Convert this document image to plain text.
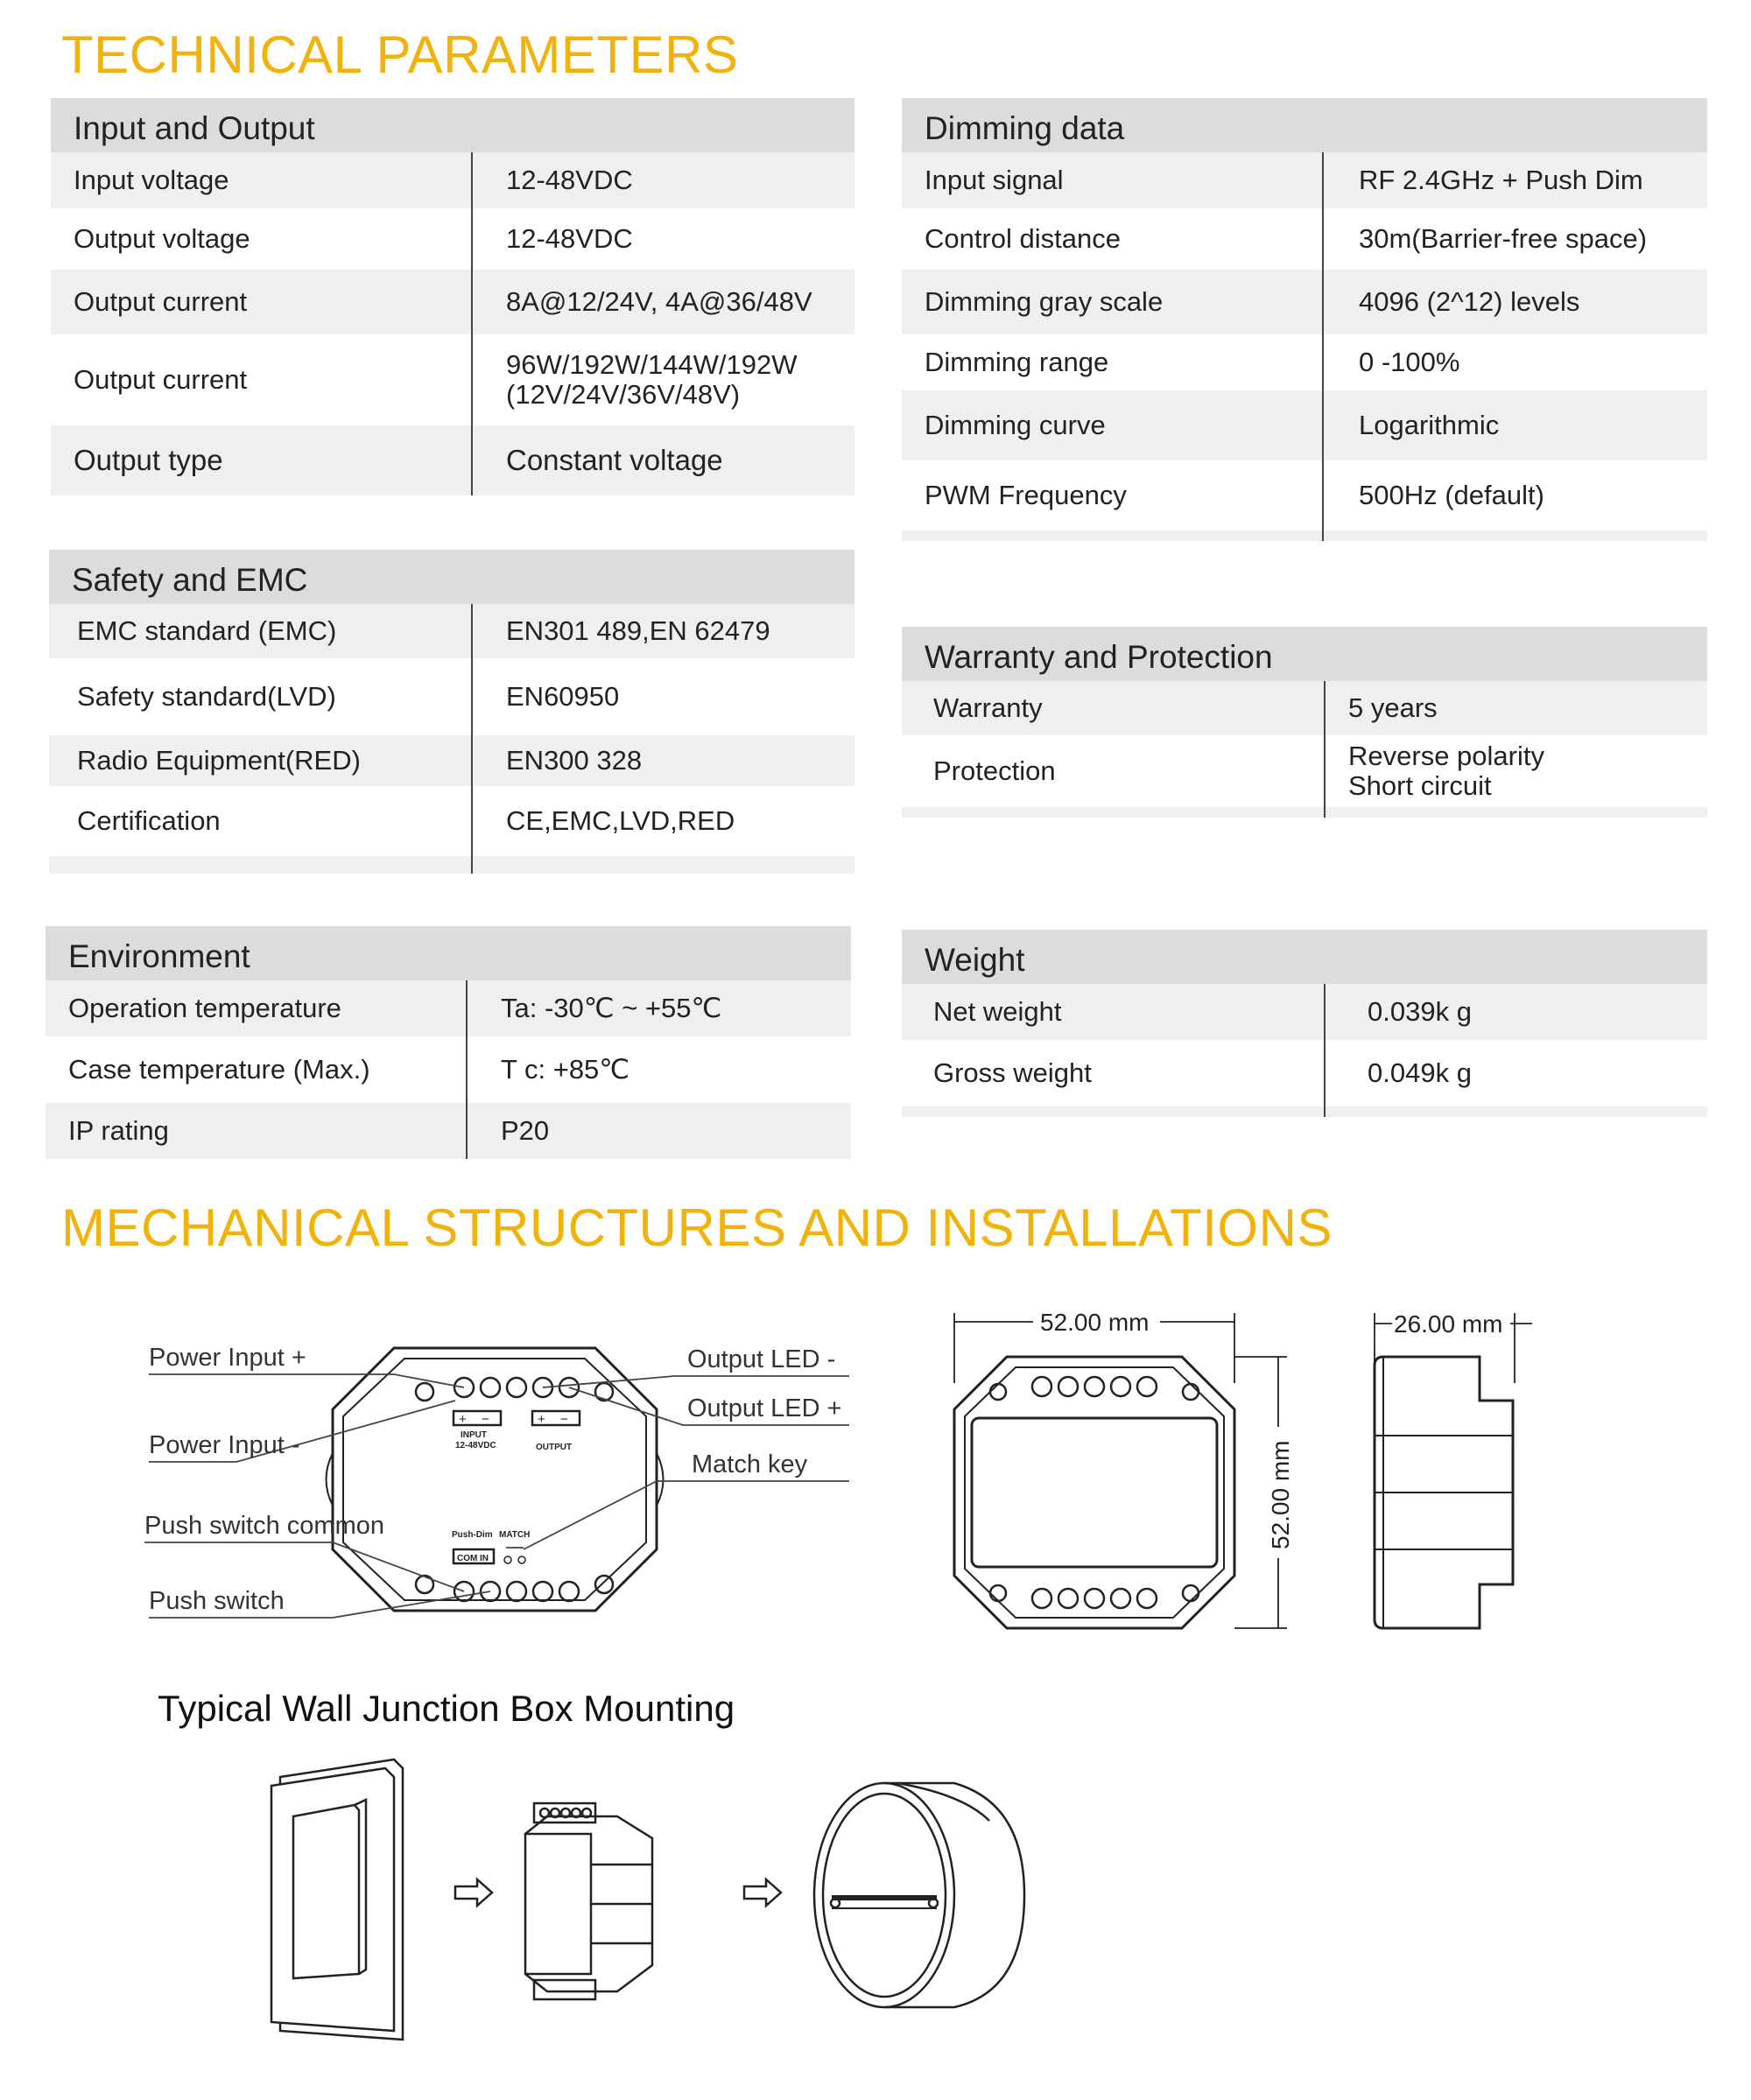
TECHNICAL PARAMETERS
MECHANICAL STRUCTURES AND INSTALLATIONS
Input and Output
Input voltage	12-48VDC
Output voltage	12-48VDC
Output current	8A@12/24V, 4A@36/48V
Output current	96W/192W/144W/192W
(12V/24V/36V/48V)
Output type	Constant voltage
Safety and EMC
EMC standard (EMC)	EN301 489,EN 62479
Safety standard(LVD)	EN60950
Radio Equipment(RED)	EN300 328
Certification	CE,EMC,LVD,RED
Environment
Operation temperature	Ta: -30℃ ~ +55℃
Case temperature (Max.)	T c: +85℃
IP rating	P20
Dimming data
Input signal	RF 2.4GHz + Push Dim
Control distance	30m(Barrier-free space)
Dimming gray scale	4096 (2^12) levels
Dimming range	0 -100%
Dimming curve	Logarithmic
PWM Frequency	500Hz (default)
Warranty and Protection
Warranty	5 years
Protection	Reverse polarity
Short circuit
Weight
Net weight	0.039k g
Gross weight	0.049k g
+ −	+ −
INPUT
12-48VDC	OUTPUT
Push-Dim MATCH
COM IN
Power Input +
Power Input -
Push switch common
Push switch
Output LED -
Output LED +
Match key
52.00 mm
52.00 mm
26.00 mm
Typical Wall Junction Box Mounting
